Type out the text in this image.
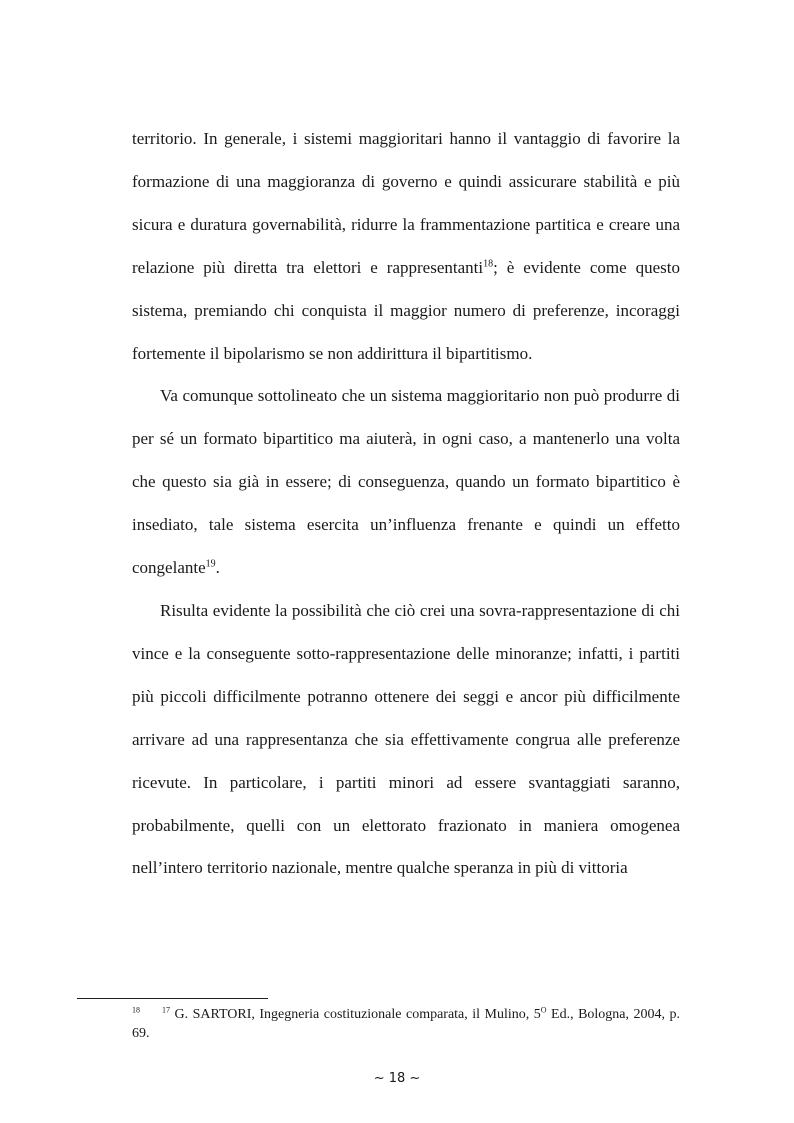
territorio. In generale, i sistemi maggioritari hanno il vantaggio di favorire la formazione di una maggioranza di governo e quindi assicurare stabilità e più sicura e duratura governabilità, ridurre la frammentazione partitica e creare una relazione più diretta tra elettori e rappresentanti$^{18}$; è evidente come questo sistema, premiando chi conquista il maggior numero di preferenze, incoraggi fortemente il bipolarismo se non addirittura il bipartitismo.

Va comunque sottolineato che un sistema maggioritario non può produrre di per sé un formato bipartitico ma aiuterà, in ogni caso, a mantenerlo una volta che questo sia già in essere; di conseguenza, quando un formato bipartitico è insediato, tale sistema esercita un’influenza frenante e quindi un effetto congelante$^{19}$.

Risulta evidente la possibilità che ciò crei una sovra-rappresentazione di chi vince e la conseguente sotto-rappresentazione delle minoranze; infatti, i partiti più piccoli difficilmente potranno ottenere dei seggi e ancor più difficilmente arrivare ad una rappresentanza che sia effettivamente congrua alle preferenze ricevute. In particolare, i partiti minori ad essere svantaggiati saranno, probabilmente, quelli con un elettorato frazionato in maniera omogenea nell’intero territorio nazionale, mentre qualche speranza in più di vittoria

$^{18}$	$^{17}$ G. SARTORI, Ingegneria costituzionale comparata, il Mulino, $5^O$ Ed., Bologna, 2004, p. 69.
~ 18 ~
